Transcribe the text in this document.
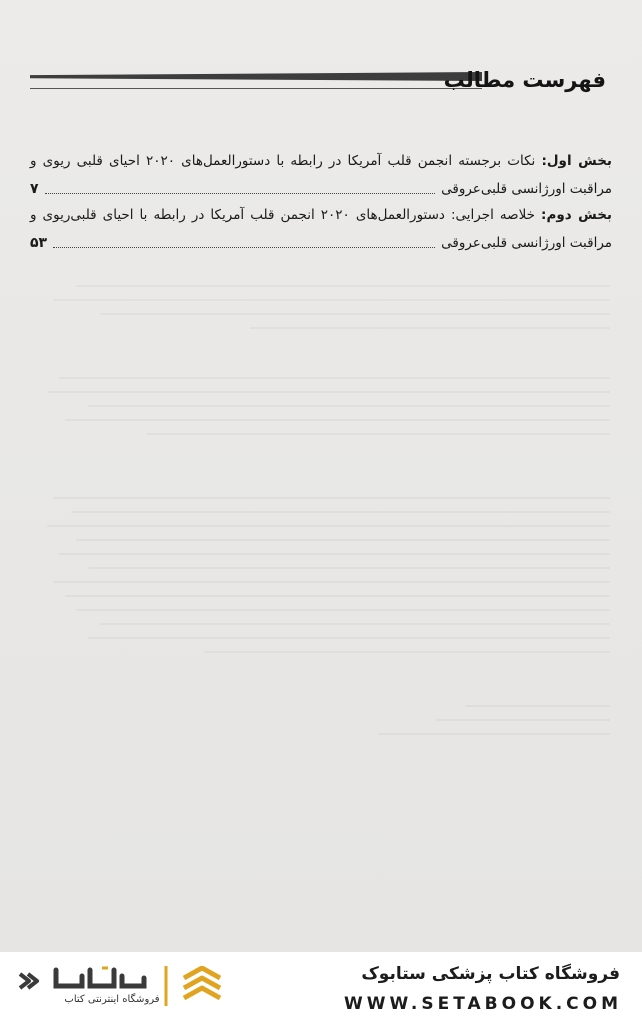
فهرست مطالب
بخش اول: نکات برجسته انجمن قلب آمریکا در رابطه با دستورالعمل‌های ۲۰۲۰ احیای قلبی ریوی و
مراقبت اورژانسی قلبی‌عروقی
۷
بخش دوم: خلاصه اجرایی: دستورالعمل‌های ۲۰۲۰ انجمن قلب آمریکا در رابطه با احیای قلبی‌ریوی و
مراقبت اورژانسی قلبی‌عروقی
۵۳
فروشگاه اینترنتی کتاب
فروشگاه کتاب پزشکی ستابوک
WWW.SETABOOK.COM
